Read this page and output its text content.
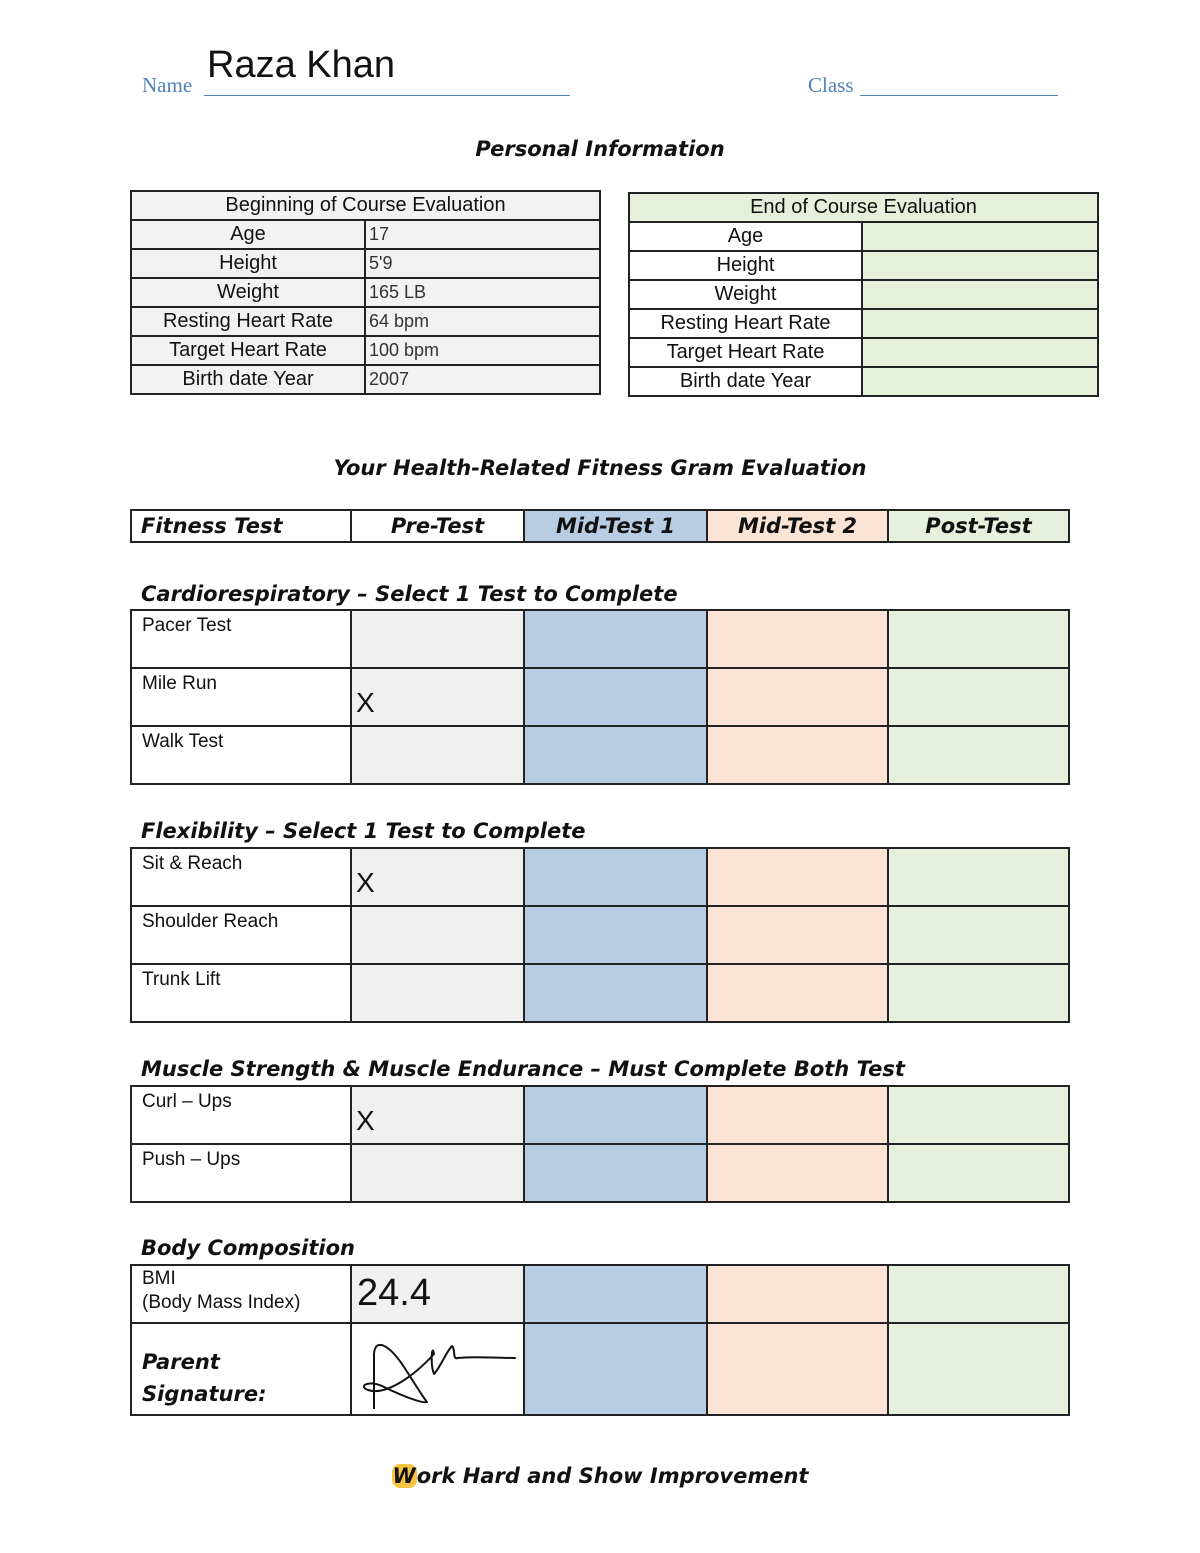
Name Raza Khan	Class
Personal Information
Beginning of Course Evaluation	
Age	17
Height	5'9
Weight	165 LB
Resting Heart Rate	64 bpm
Target Heart Rate	100 bpm
Birth date Year	2007
End of Course Evaluation	
Age	
Height	
Weight	
Resting Heart Rate	
Target Heart Rate	
Birth date Year	
Your Health-Related Fitness Gram Evaluation
Fitness Test	Pre-Test	Mid-Test 1	Mid-Test 2	Post-Test
Cardiorespiratory – Select 1 Test to Complete
Pacer Test	

Mile Run	X			

Walk Test	

Flexibility – Select 1 Test to Complete
Sit & Reach	X			

Shoulder Reach	

Trunk Lift	

Muscle Strength & Muscle Endurance – Must Complete Both Test
Curl – Ups	X			

Push – Ups	

Body Composition
BMI
(Body Mass Index)	24.4			

Parent
Signature:

Work Hard and Show Improvement
